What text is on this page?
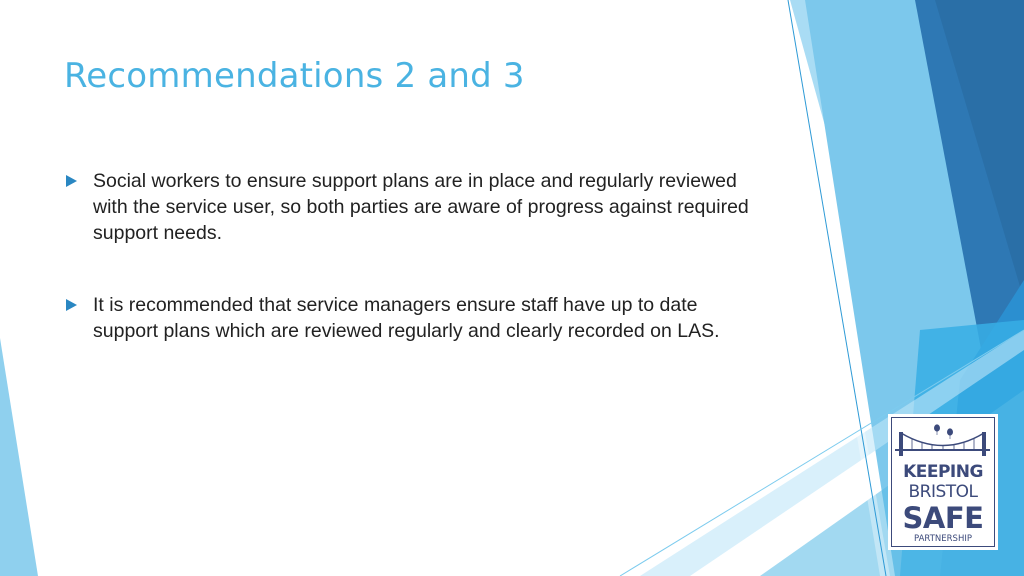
Recommendations 2 and 3
Social workers to ensure support plans are in place and regularly reviewed with the service user, so both parties are aware of progress against required support needs.
It is recommended that service managers ensure staff have up to date support plans which are reviewed regularly and clearly recorded on LAS.
KEEPING
BRISTOL
SAFE
PARTNERSHIP
